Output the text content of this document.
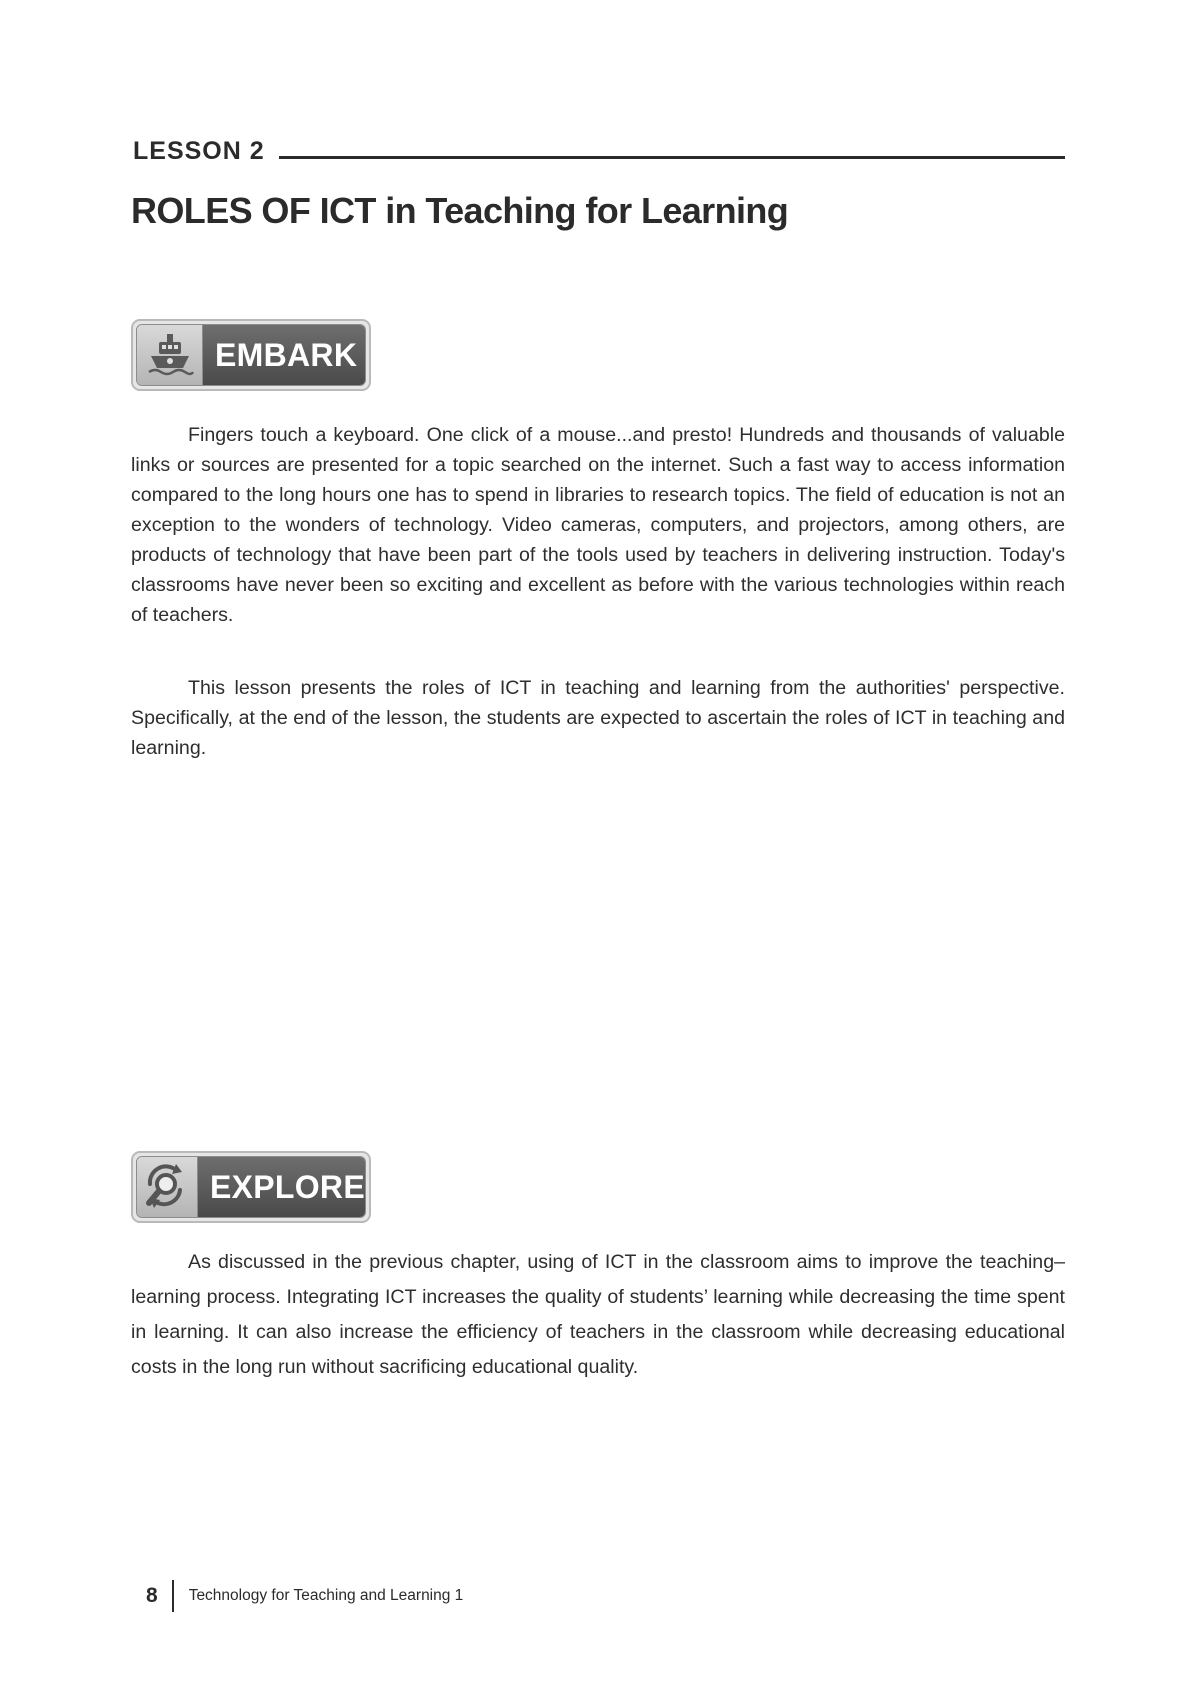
LESSON 2
ROLES OF ICT in Teaching for Learning
EMBARK

Fingers touch a keyboard. One click of a mouse...and presto! Hundreds and thousands of valuable links or sources are presented for a topic searched on the internet. Such a fast way to access information compared to the long hours one has to spend in libraries to research topics. The field of education is not an exception to the wonders of technology. Video cameras, computers, and projectors, among others, are products of technology that have been part of the tools used by teachers in delivering instruction. Today's classrooms have never been so exciting and excellent as before with the various technologies within reach of teachers.

This lesson presents the roles of ICT in teaching and learning from the authorities' perspective. Specifically, at the end of the lesson, the students are expected to ascertain the roles of ICT in teaching and learning.

EXPLORE

As discussed in the previous chapter, using of ICT in the classroom aims to improve the teaching–learning process. Integrating ICT increases the quality of students’ learning while decreasing the time spent in learning. It can also increase the efficiency of teachers in the classroom while decreasing educational costs in the long run without sacrificing educational quality.

8 Technology for Teaching and Learning 1
